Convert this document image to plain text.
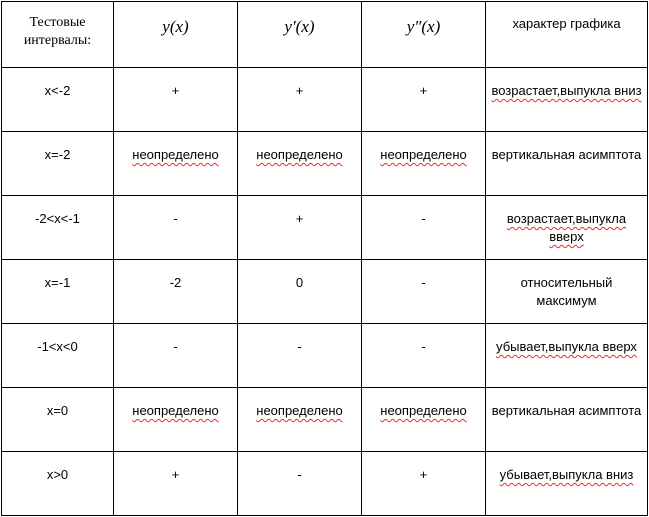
Тестовые интервалы:	y(x)	y′(x)	y″(x)	характер графика
x<-2	+	+	+	возрастает,выпукла вниз
x=-2	неопределено	неопределено	неопределено	вертикальная асимптота
-2<x<-1	-	+	-	возрастает,выпукла вверх
x=-1	-2	0	-	относительный максимум
-1<x<0	-	-	-	убывает,выпукла вверх
x=0	неопределено	неопределено	неопределено	вертикальная асимптота
x>0	+	-	+	убывает,выпукла вниз
